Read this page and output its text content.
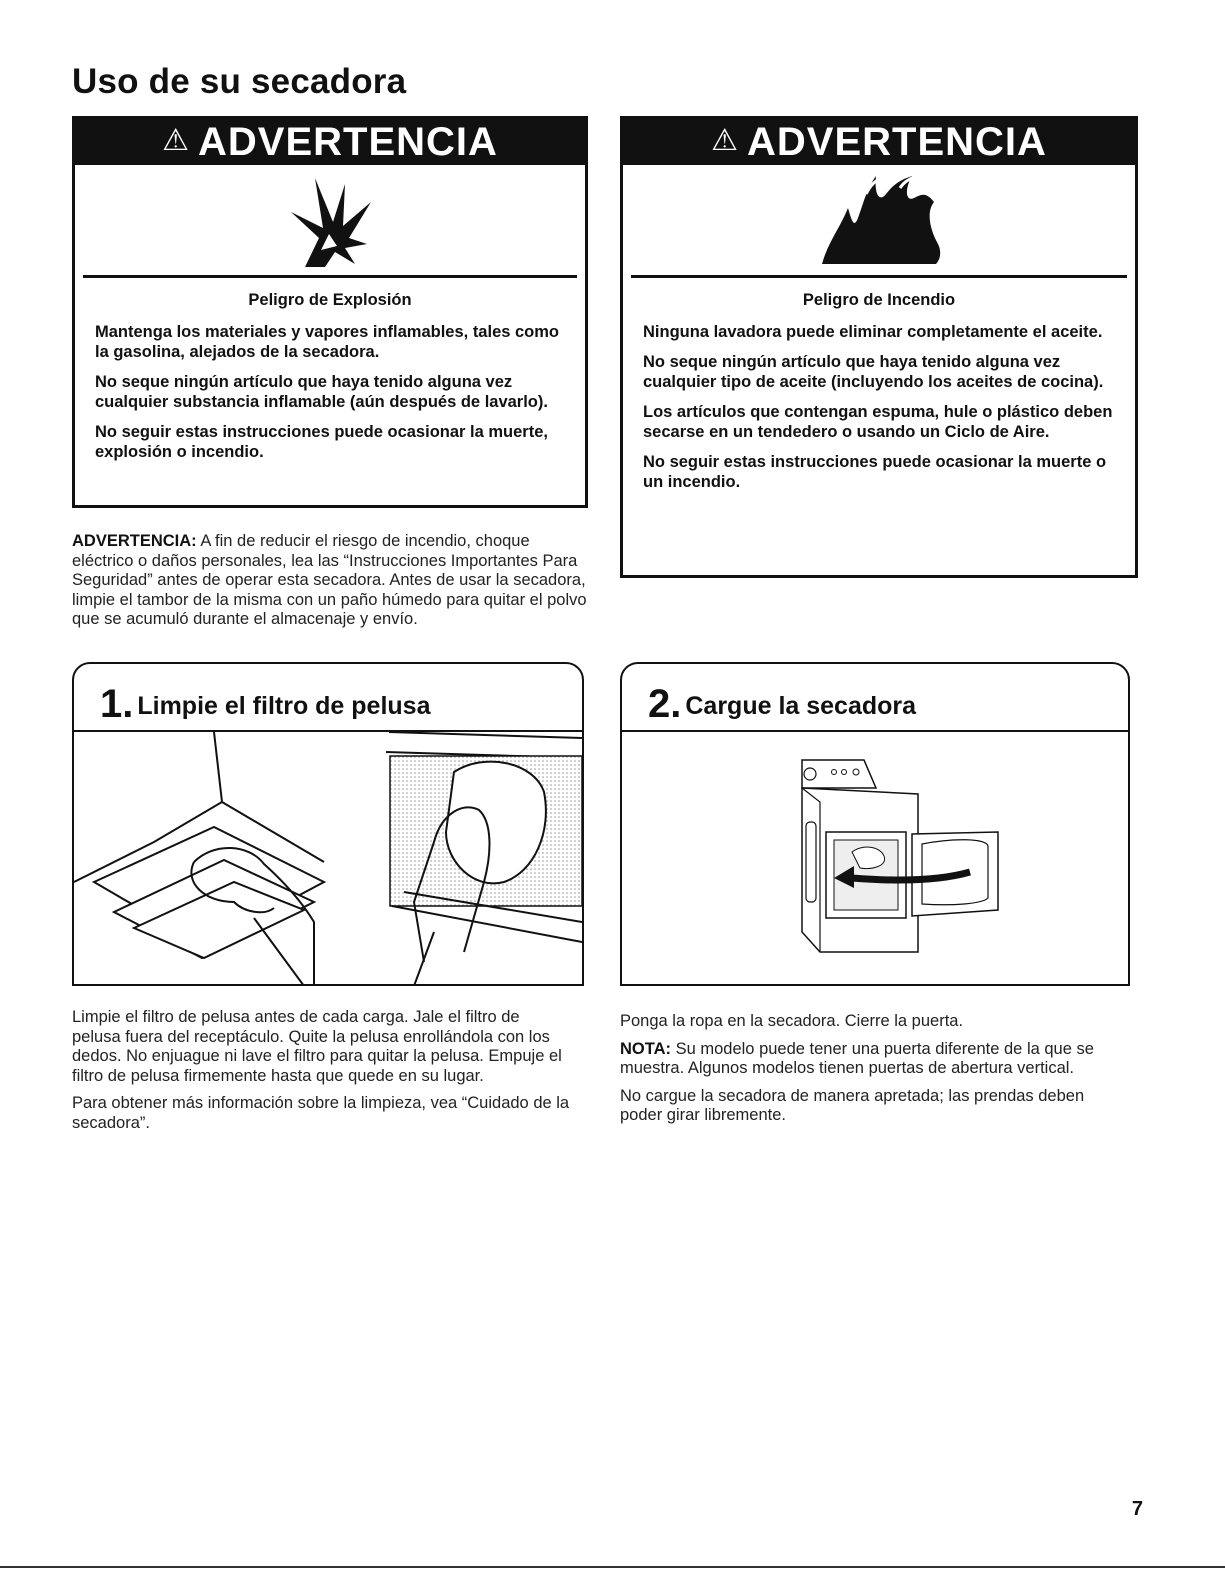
Uso de su secadora
⚠ ADVERTENCIA

Peligro de Explosión

Mantenga los materiales y vapores inflamables, tales como la gasolina, alejados de la secadora.

No seque ningún artículo que haya tenido alguna vez cualquier substancia inflamable (aún después de lavarlo).

No seguir estas instrucciones puede ocasionar la muerte, explosión o incendio.

⚠ ADVERTENCIA

Peligro de Incendio

Ninguna lavadora puede eliminar completamente el aceite.

No seque ningún artículo que haya tenido alguna vez cualquier tipo de aceite (incluyendo los aceites de cocina).

Los artículos que contengan espuma, hule o plástico deben secarse en un tendedero o usando un Ciclo de Aire.

No seguir estas instrucciones puede ocasionar la muerte o un incendio.

ADVERTENCIA: A fin de reducir el riesgo de incendio, choque eléctrico o daños personales, lea las “Instrucciones Importantes Para Seguridad” antes de operar esta secadora. Antes de usar la secadora, limpie el tambor de la misma con un paño húmedo para quitar el polvo que se acumuló durante el almacenaje y envío.

1. Limpie el filtro de pelusa	2. Cargue la secadora

Limpie el filtro de pelusa antes de cada carga. Jale el filtro de pelusa fuera del receptáculo. Quite la pelusa enrollándola con los dedos. No enjuague ni lave el filtro para quitar la pelusa. Empuje el filtro de pelusa firmemente hasta que quede en su lugar.

Para obtener más información sobre la limpieza, vea “Cuidado de la secadora”.

Ponga la ropa en la secadora. Cierre la puerta.

NOTA: Su modelo puede tener una puerta diferente de la que se muestra. Algunos modelos tienen puertas de abertura vertical.

No cargue la secadora de manera apretada; las prendas deben poder girar libremente.

7
